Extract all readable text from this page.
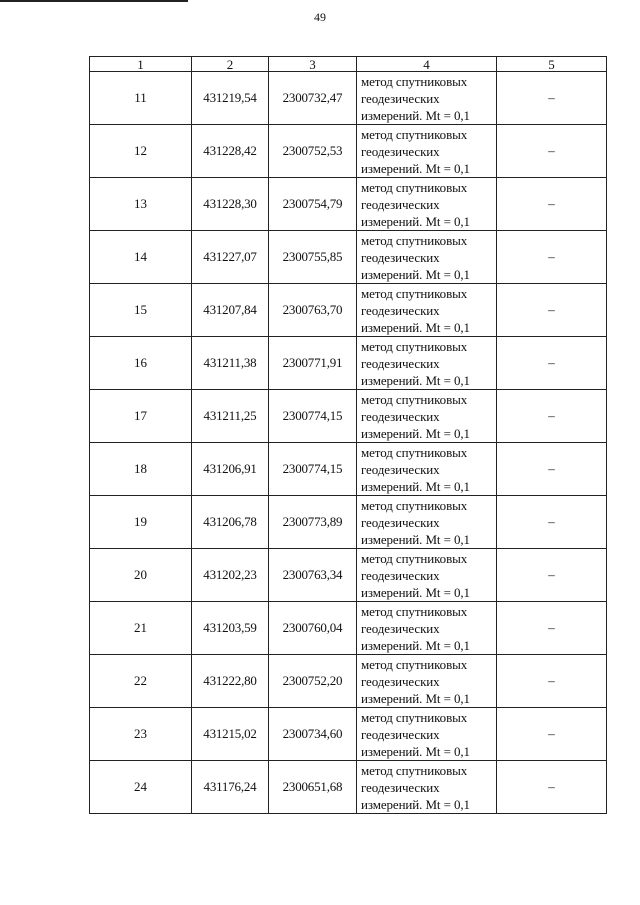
49
1	2	3	4	5
11	431219,54	2300732,47	метод спутниковых
геодезических
измерений. Mt = 0,1	–
12	431228,42	2300752,53	метод спутниковых
геодезических
измерений. Mt = 0,1	–
13	431228,30	2300754,79	метод спутниковых
геодезических
измерений. Mt = 0,1	–
14	431227,07	2300755,85	метод спутниковых
геодезических
измерений. Mt = 0,1	–
15	431207,84	2300763,70	метод спутниковых
геодезических
измерений. Mt = 0,1	–
16	431211,38	2300771,91	метод спутниковых
геодезических
измерений. Mt = 0,1	–
17	431211,25	2300774,15	метод спутниковых
геодезических
измерений. Mt = 0,1	–
18	431206,91	2300774,15	метод спутниковых
геодезических
измерений. Mt = 0,1	–
19	431206,78	2300773,89	метод спутниковых
геодезических
измерений. Mt = 0,1	–
20	431202,23	2300763,34	метод спутниковых
геодезических
измерений. Mt = 0,1	–
21	431203,59	2300760,04	метод спутниковых
геодезических
измерений. Mt = 0,1	–
22	431222,80	2300752,20	метод спутниковых
геодезических
измерений. Mt = 0,1	–
23	431215,02	2300734,60	метод спутниковых
геодезических
измерений. Mt = 0,1	–
24	431176,24	2300651,68	метод спутниковых
геодезических
измерений. Mt = 0,1	–
